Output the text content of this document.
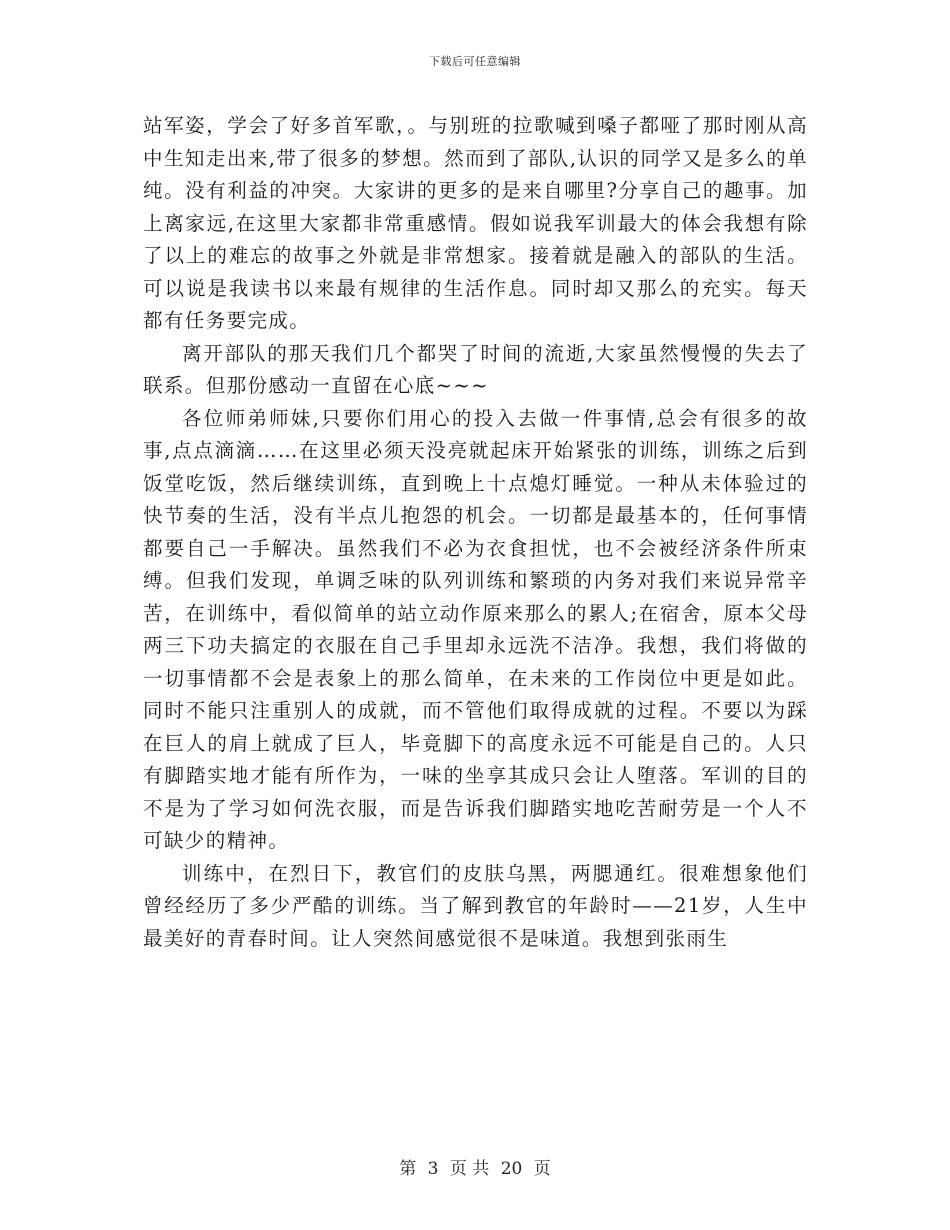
下载后可任意编辑

站军姿，学会了好多首军歌，。与别班的拉歌喊到嗓子都哑了那时刚从高中生知走出来,带了很多的梦想。然而到了部队,认识的同学又是多么的单纯。没有利益的冲突。大家讲的更多的是来自哪里?分享自己的趣事。加上离家远,在这里大家都非常重感情。假如说我军训最大的体会我想有除了以上的难忘的故事之外就是非常想家。接着就是融入的部队的生活。可以说是我读书以来最有规律的生活作息。同时却又那么的充实。每天都有任务要完成。

离开部队的那天我们几个都哭了时间的流逝,大家虽然慢慢的失去了联系。但那份感动一直留在心底~~~

各位师弟师妹,只要你们用心的投入去做一件事情,总会有很多的故事,点点滴滴……在这里必须天没亮就起床开始紧张的训练，训练之后到饭堂吃饭，然后继续训练，直到晚上十点熄灯睡觉。一种从未体验过的快节奏的生活，没有半点儿抱怨的机会。一切都是最基本的，任何事情都要自己一手解决。虽然我们不必为衣食担忧，也不会被经济条件所束缚。但我们发现，单调乏味的队列训练和繁琐的内务对我们来说异常辛苦，在训练中，看似简单的站立动作原来那么的累人;在宿舍，原本父母两三下功夫搞定的衣服在自己手里却永远洗不洁净。我想，我们将做的一切事情都不会是表象上的那么简单，在未来的工作岗位中更是如此。同时不能只注重别人的成就，而不管他们取得成就的过程。不要以为踩在巨人的肩上就成了巨人，毕竟脚下的高度永远不可能是自己的。人只有脚踏实地才能有所作为，一味的坐享其成只会让人堕落。军训的目的不是为了学习如何洗衣服，而是告诉我们脚踏实地吃苦耐劳是一个人不可缺少的精神。

训练中，在烈日下，教官们的皮肤乌黑，两腮通红。很难想象他们曾经经历了多少严酷的训练。当了解到教官的年龄时——21岁，人生中最美好的青春时间。让人突然间感觉很不是味道。我想到张雨生

第 3 页 共 20 页
